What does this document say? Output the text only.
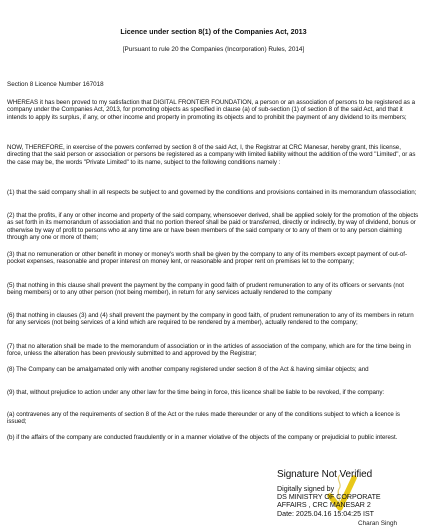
Licence under section 8(1) of the Companies Act, 2013
[Pursuant to rule 20 the Companies (Incorporation) Rules, 2014]
Section 8 Licence Number 167018
WHEREAS it has been proved to my satisfaction that DIGITAL FRONTIER FOUNDATION, a person or an association of persons to be registered as a company under the Companies Act, 2013, for promoting objects as specified in clause (a) of sub-section (1) of section 8 of the said Act, and that it intends to apply its surplus, if any, or other income and property in promoting its objects and to prohibit the payment of any dividend to its members;
NOW, THEREFORE, in exercise of the powers conferred by section 8 of the said Act, I, the Registrar at CRC Manesar, hereby grant, this license, directing that the said person or association or persons be registered as a company with limited liability without the addition of the word "Limited", or as the case may be, the words "Private Limited" to its name, subject to the following conditions namely :
(1) that the said company shall in all respects be subject to and governed by the conditions and provisions contained in its memorandum ofassociation;
(2) that the profits, if any or other income and property of the said company, whensoever derived, shall be applied solely for the promotion of the objects as set forth in its memorandum of association and that no portion thereof shall be paid or transferred, directly or indirectly, by way of dividend, bonus or otherwise by way of profit to persons who at any time are or have been members of the said company or to any of them or to any person claiming through any one or more of them;
(3) that no remuneration or other benefit in money or money's worth shall be given by the company to any of its members except payment of out-of-pocket expenses, reasonable and proper interest on money lent, or reasonable and proper rent on premises let to the company;
(5) that nothing in this clause shall prevent the payment by the company in good faith of prudent remuneration to any of its officers or servants (not being members) or to any other person (not being member), in return for any services actually rendered to the company
(6) that nothing in clauses (3) and (4) shall prevent the payment by the company in good faith, of prudent remuneration to any of its members in return for any services (not being services of a kind which are required to be rendered by a member), actually rendered to the company;
(7) that no alteration shall be made to the memorandum of association or in the articles of association of the company, which are for the time being in force, unless the alteration has been previously submitted to and approved by the Registrar;
(8) The Company can be amalgamated only with another company registered under section 8 of the Act & having similar objects; and
(9) that, without prejudice to action under any other law for the time being in force, this licence shall be liable to be revoked, if the company:
(a) contravenes any of the requirements of section 8 of the Act or the rules made thereunder or any of the conditions subject to which a licence is issued;
(b) if the affairs of the company are conducted fraudulently or in a manner violative of the objects of the company or prejudicial to public interest.
Signature Not Verified
Digitally signed by
DS MINISTRY OF CORPORATE
AFFAIRS , CRC MANESAR 2
Date: 2025.04.16 15:04:25 IST
Charan Singh
